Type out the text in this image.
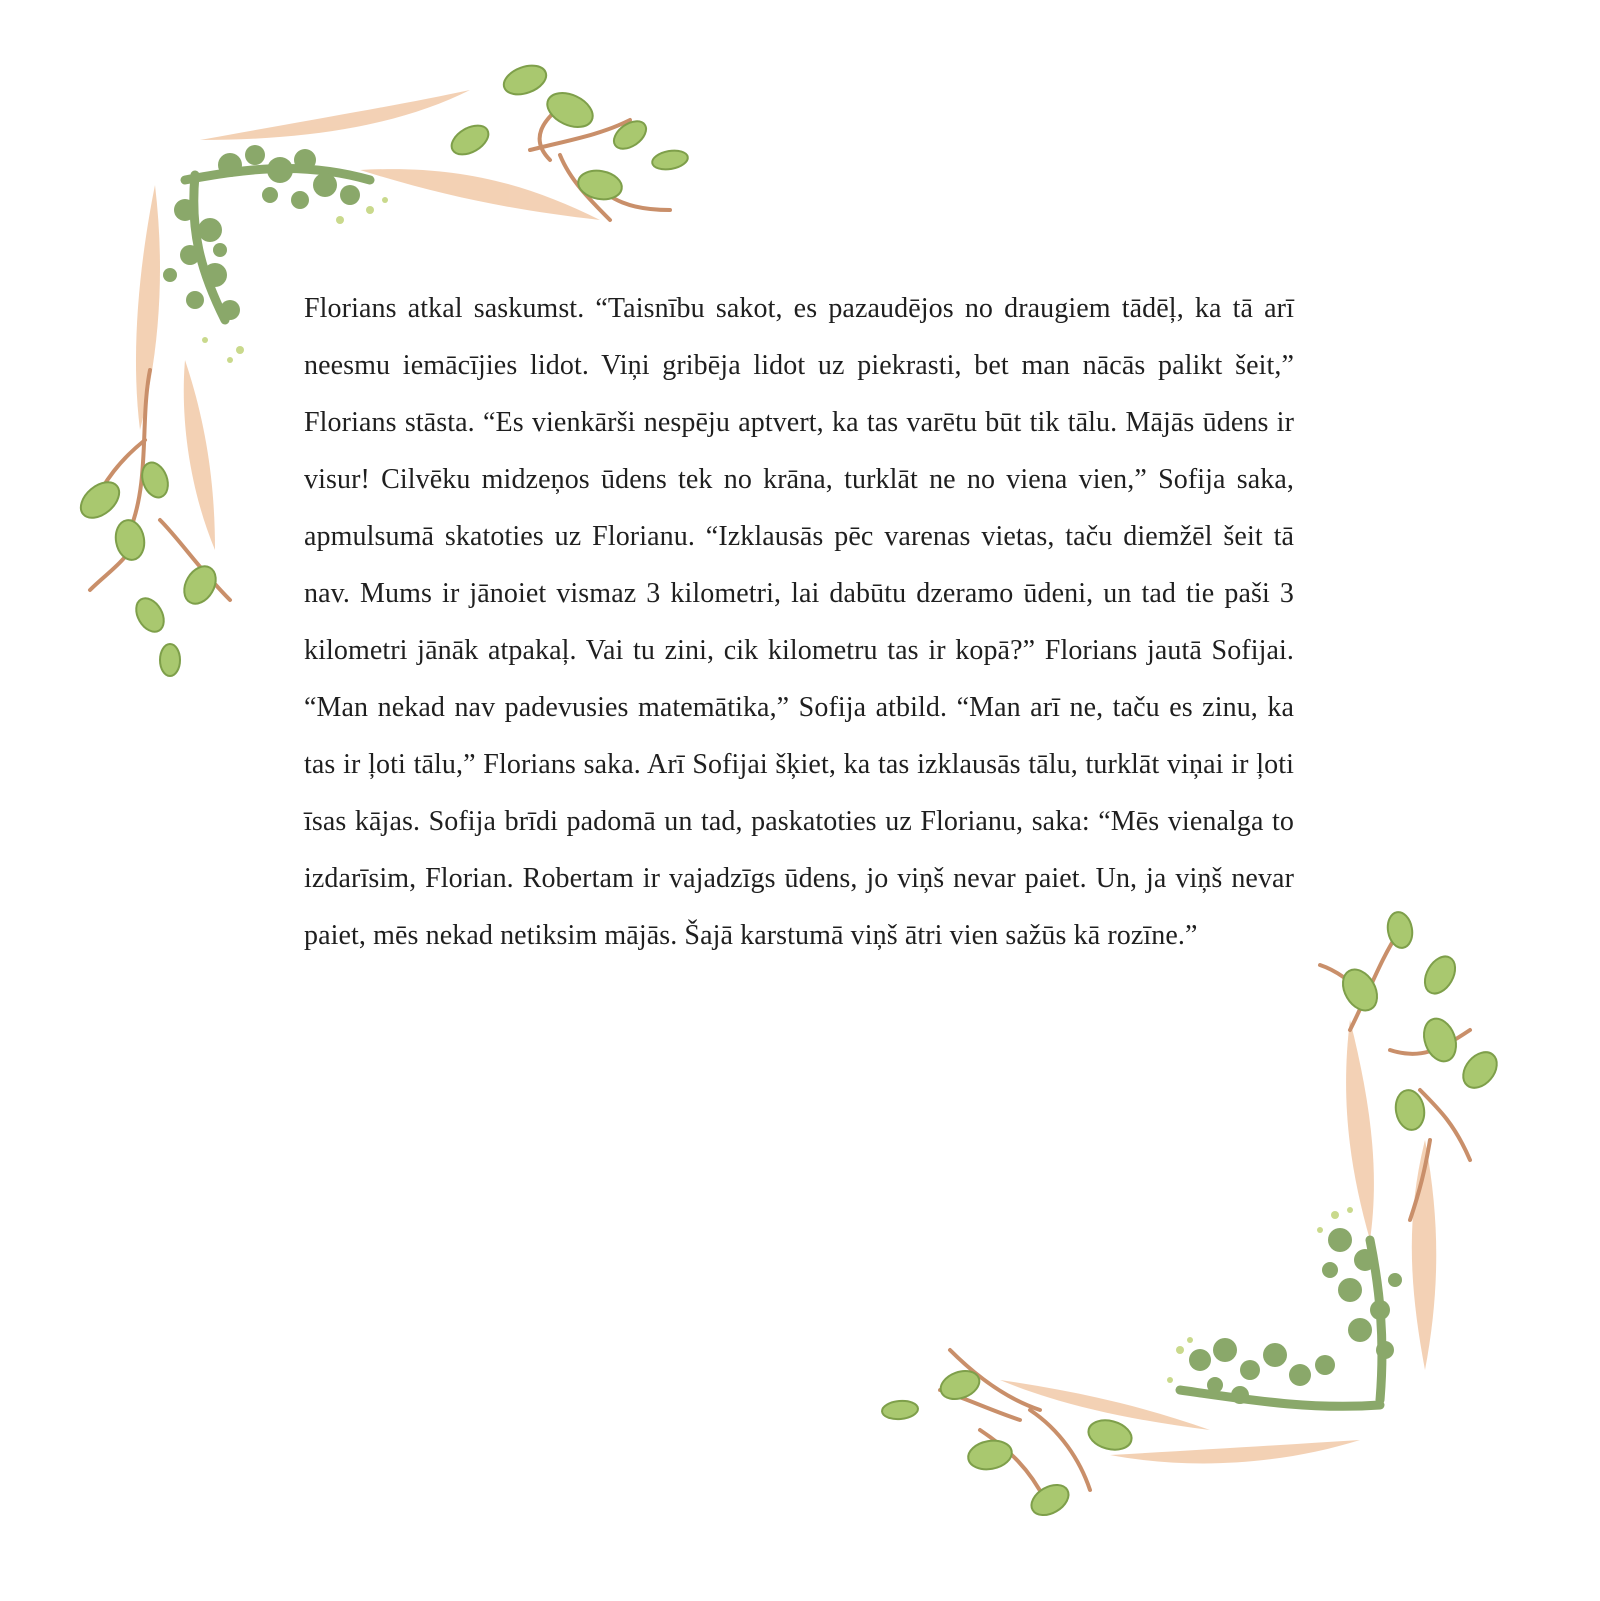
Florians atkal saskumst. “Taisnību sakot, es pazaudējos no draugiem tādēļ, ka tā arī neesmu iemācījies lidot. Viņi gribēja lidot uz piekrasti, bet man nācās palikt šeit,” Florians stāsta. “Es vienkārši nespēju aptvert, ka tas varētu būt tik tālu. Mājās ūdens ir visur! Cilvēku midzeņos ūdens tek no krāna, turklāt ne no viena vien,” Sofija saka, apmulsumā skatoties uz Florianu. “Izklausās pēc varenas vietas, taču diemžēl šeit tā nav. Mums ir jānoiet vismaz 3 kilometri, lai dabūtu dzeramo ūdeni, un tad tie paši 3 kilometri jānāk atpakaļ. Vai tu zini, cik kilometru tas ir kopā?” Florians jautā Sofijai. “Man nekad nav padevusies matemātika,” Sofija atbild. “Man arī ne, taču es zinu, ka tas ir ļoti tālu,” Florians saka. Arī Sofijai šķiet, ka tas izklausās tālu, turklāt viņai ir ļoti īsas kājas. Sofija brīdi padomā un tad, paskatoties uz Florianu, saka: “Mēs vienalga to izdarīsim, Florian. Robertam ir vajadzīgs ūdens, jo viņš nevar paiet. Un, ja viņš nevar paiet, mēs nekad netiksim mājās. Šajā karstumā viņš ātri vien sažūs kā rozīne.”
